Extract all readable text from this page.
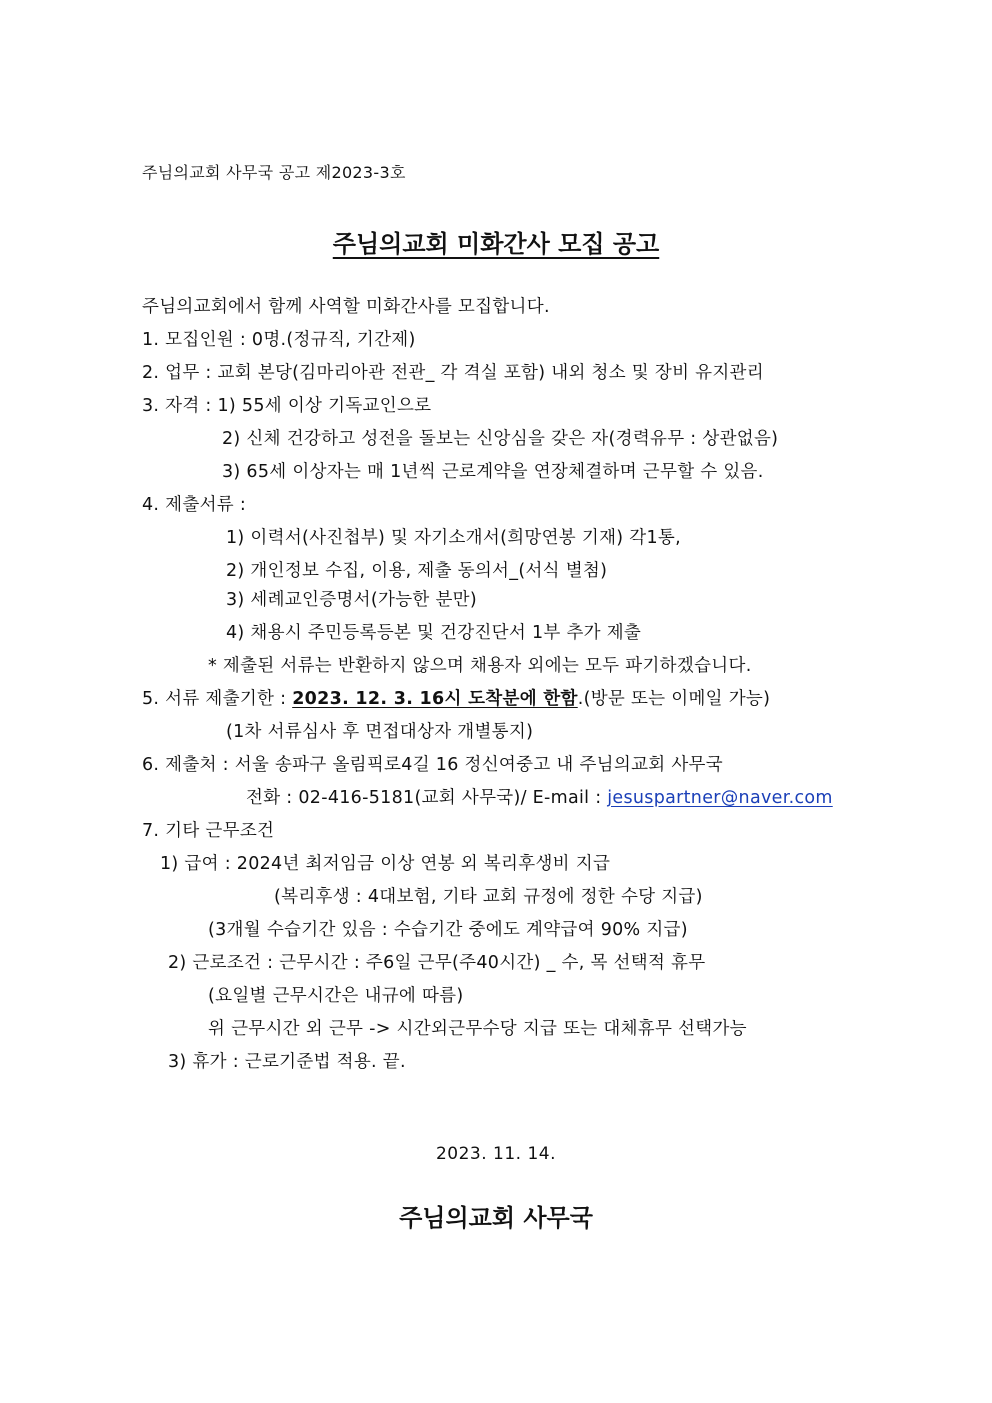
주님의교회 사무국 공고 제2023-3호
주님의교회 미화간사 모집 공고
주님의교회에서 함께 사역할 미화간사를 모집합니다.
1. 모집인원 : 0명.(정규직, 기간제)
2. 업무 : 교회 본당(김마리아관 전관_ 각 격실 포함) 내외 청소 및 장비 유지관리
3. 자격 : 1) 55세 이상 기독교인으로
2) 신체 건강하고 성전을 돌보는 신앙심을 갖은 자(경력유무 : 상관없음)
3) 65세 이상자는 매 1년씩 근로계약을 연장체결하며 근무할 수 있음.
4. 제출서류 :
1) 이력서(사진첩부) 및 자기소개서(희망연봉 기재) 각1통,
2) 개인정보 수집, 이용, 제출 동의서_(서식 별첨)
3) 세례교인증명서(가능한 분만)
4) 채용시 주민등록등본 및 건강진단서 1부 추가 제출
* 제출된 서류는 반환하지 않으며 채용자 외에는 모두 파기하겠습니다.
5. 서류 제출기한 : 2023. 12. 3. 16시 도착분에 한함.(방문 또는 이메일 가능)
(1차 서류심사 후 면접대상자 개별통지)
6. 제출처 : 서울 송파구 올림픽로4길 16 정신여중고 내 주님의교회 사무국
전화 : 02-416-5181(교회 사무국)/ E-mail : jesuspartner@naver.com
7. 기타 근무조건
1) 급여 : 2024년 최저임금 이상 연봉 외 복리후생비 지급
(복리후생 : 4대보험, 기타 교회 규정에 정한 수당 지급)
(3개월 수습기간 있음 : 수습기간 중에도 계약급여 90% 지급)
2) 근로조건 : 근무시간 : 주6일 근무(주40시간) _ 수, 목 선택적 휴무
(요일별 근무시간은 내규에 따름)
위 근무시간 외 근무 -> 시간외근무수당 지급 또는 대체휴무 선택가능
3) 휴가 : 근로기준법 적용. 끝.
2023. 11. 14.
주님의교회 사무국
